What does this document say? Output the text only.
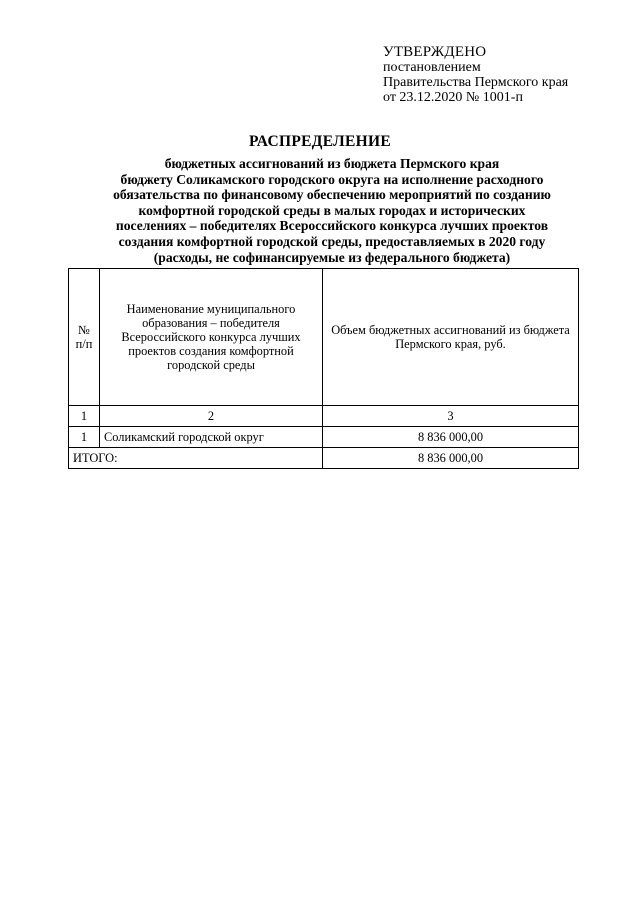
УТВЕРЖДЕНО
постановлением
Правительства Пермского края
от 23.12.2020 № 1001-п
РАСПРЕДЕЛЕНИЕ
бюджетных ассигнований из бюджета Пермского края
бюджету Соликамского городского округа на исполнение расходного
обязательства по финансовому обеспечению мероприятий по созданию
комфортной городской среды в малых городах и исторических
поселениях – победителях Всероссийского конкурса лучших проектов
создания комфортной городской среды, предоставляемых в 2020 году
(расходы, не софинансируемые из федерального бюджета)
№
п/п	Наименование муниципального образования – победителя Всероссийского конкурса лучших проектов создания комфортной городской среды	Объем бюджетных ассигнований из бюджета Пермского края, руб.
1	2	3
1	Соликамский городской округ	8 836 000,00
ИТОГО:		8 836 000,00
